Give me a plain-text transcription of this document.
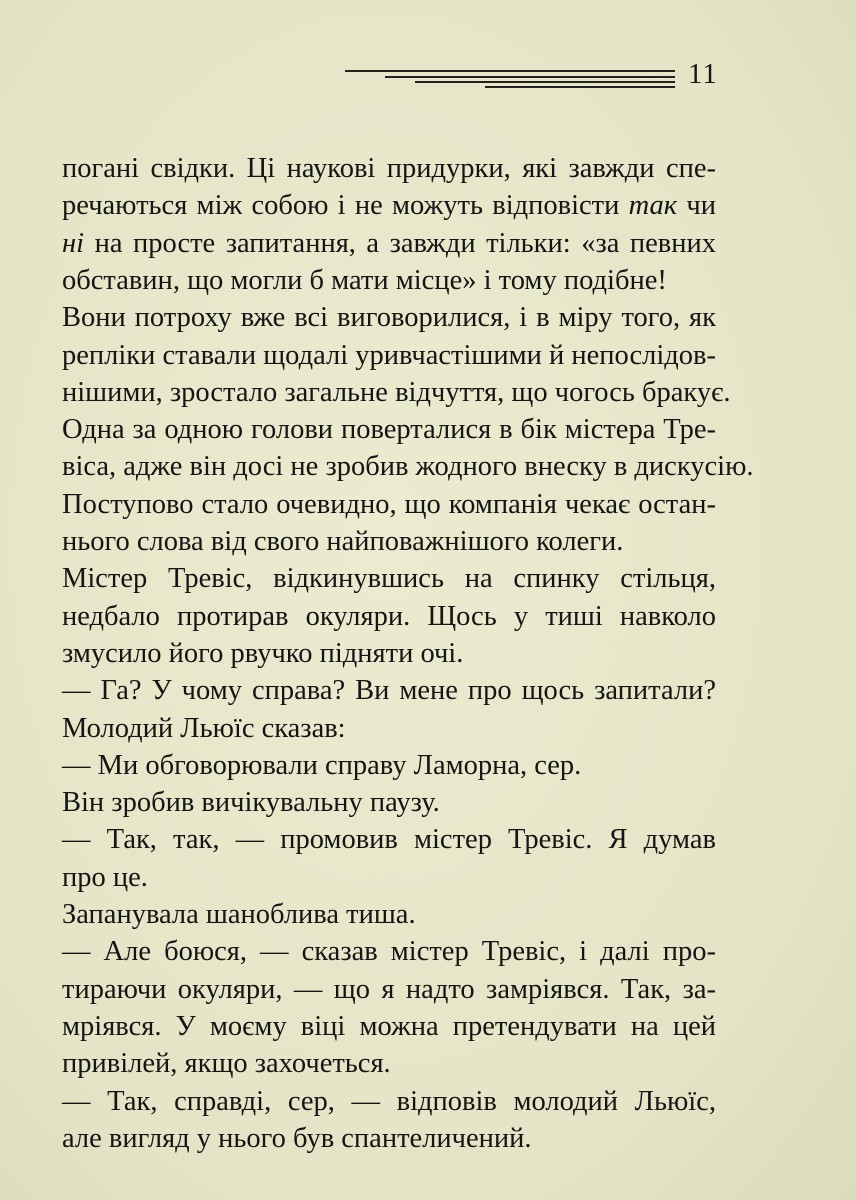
11
погані свідки. Ці наукові придурки, які завжди спе-
речаються між собою і не можуть відповісти так чи
ні на просте запитання, а завжди тільки: «за певних
обставин, що могли б мати місце» і тому подібне!
Вони потроху вже всі виговорилися, і в міру того, як
репліки ставали щодалі уривчастішими й непослідов-
нішими, зростало загальне відчуття, що чогось бракує.
Одна за одною голови поверталися в бік містера Тре-
віса, адже він досі не зробив жодного внеску в дискусію.
Поступово стало очевидно, що компанія чекає остан-
нього слова від свого найповажнішого колеги.
Містер Тревіс, відкинувшись на спинку стільця,
недбало протирав окуляри. Щось у тиші навколо
змусило його рвучко підняти очі.
— Га? У чому справа? Ви мене про щось запитали?
Молодий Льюїс сказав:
— Ми обговорювали справу Ламорна, сер.
Він зробив вичікувальну паузу.
— Так, так, — промовив містер Тревіс. Я думав
про це.
Запанувала шаноблива тиша.
— Але боюся, — сказав містер Тревіс, і далі про-
тираючи окуляри, — що я надто замріявся. Так, за-
мріявся. У моєму віці можна претендувати на цей
привілей, якщо захочеться.
— Так, справді, сер, — відповів молодий Льюїс,
але вигляд у нього був спантеличений.
